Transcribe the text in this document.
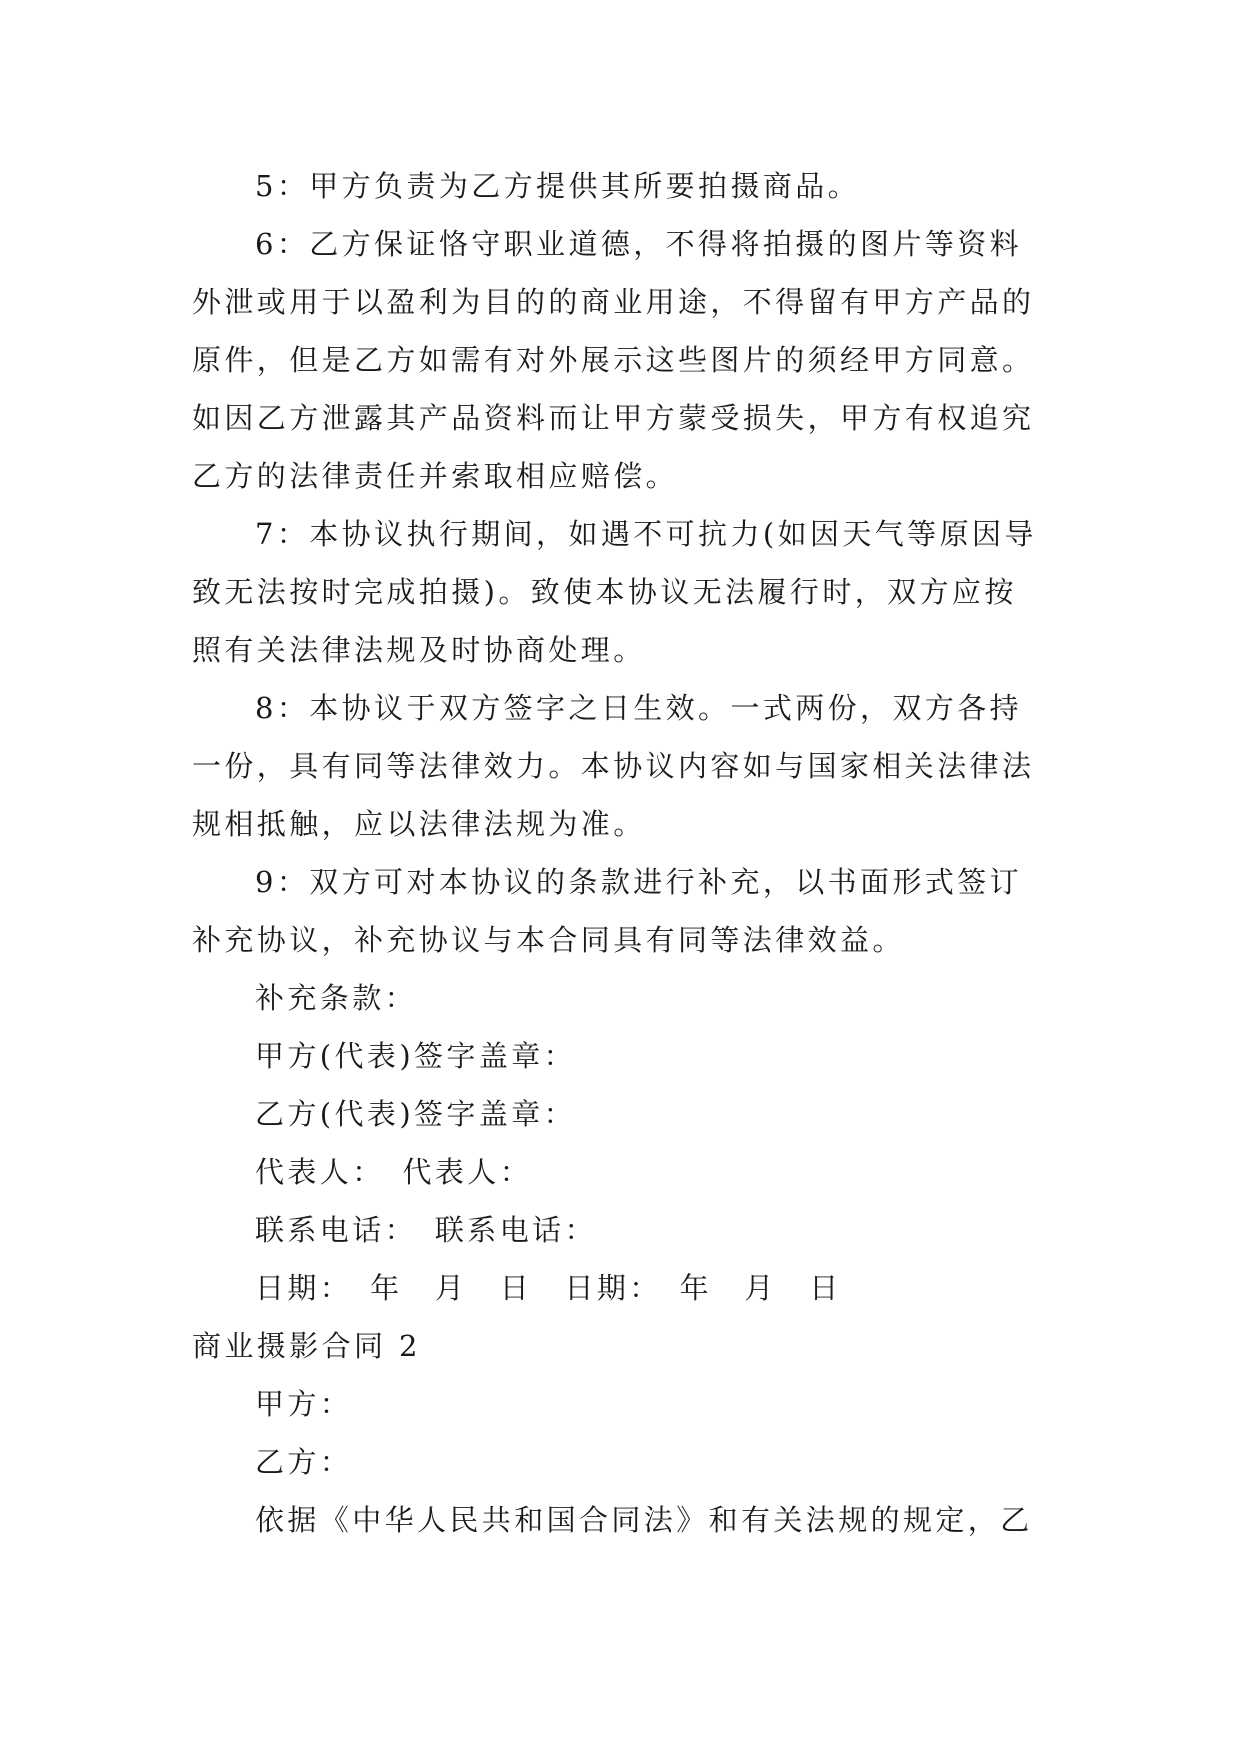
5：甲方负责为乙方提供其所要拍摄商品。
6：乙方保证恪守职业道德，不得将拍摄的图片等资料
外泄或用于以盈利为目的的商业用途，不得留有甲方产品的
原件，但是乙方如需有对外展示这些图片的须经甲方同意。
如因乙方泄露其产品资料而让甲方蒙受损失，甲方有权追究
乙方的法律责任并索取相应赔偿。
7：本协议执行期间，如遇不可抗力(如因天气等原因导
致无法按时完成拍摄)。致使本协议无法履行时，双方应按
照有关法律法规及时协商处理。
8：本协议于双方签字之日生效。一式两份，双方各持
一份，具有同等法律效力。本协议内容如与国家相关法律法
规相抵触，应以法律法规为准。
9：双方可对本协议的条款进行补充，以书面形式签订
补充协议，补充协议与本合同具有同等法律效益。
补充条款：
甲方(代表)签字盖章：
乙方(代表)签字盖章：
代表人：　代表人：
联系电话：　联系电话：
日期：　年　月　日　日期：　年　月　日
商业摄影合同 2
甲方：
乙方：
依据《中华人民共和国合同法》和有关法规的规定，乙
